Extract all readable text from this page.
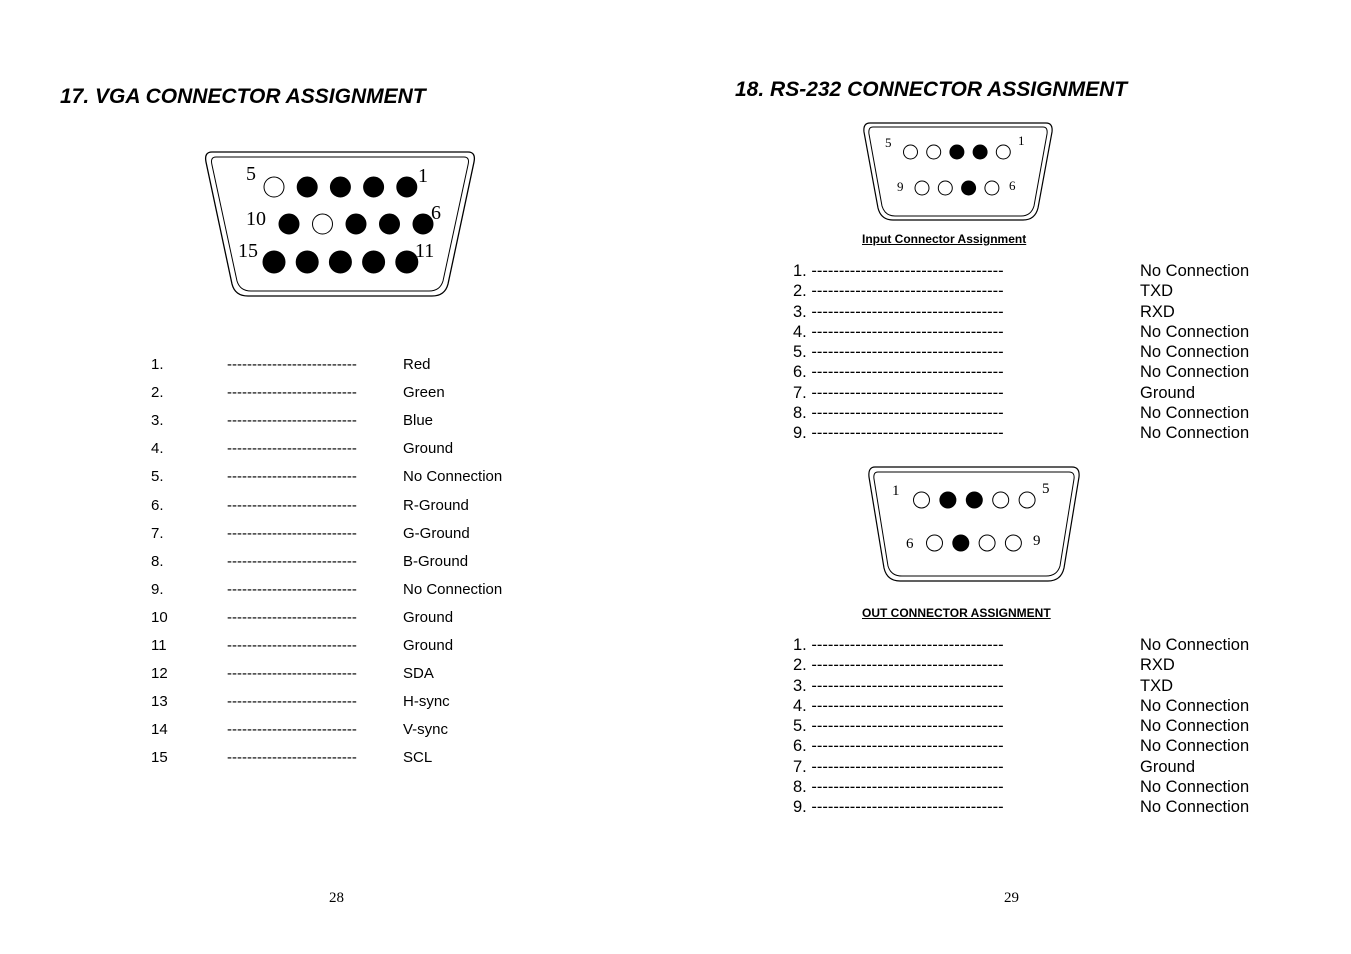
17. VGA CONNECTOR ASSIGNMENT
5	1
10	6
15	11
1.	--------------------------	Red
2.	--------------------------	Green
3.	--------------------------	Blue
4.	--------------------------	Ground
5.	--------------------------	No Connection
6.	--------------------------	R-Ground
7.	--------------------------	G-Ground
8.	--------------------------	B-Ground
9.	--------------------------	No Connection
10	--------------------------	Ground
11	--------------------------	Ground
12	--------------------------	SDA
13	--------------------------	H-sync
14	--------------------------	V-sync
15	--------------------------	SCL
28
18. RS-232 CONNECTOR ASSIGNMENT
5	1
9	6
Input Connector Assignment
1. -----------------------------------	No Connection
2. -----------------------------------	TXD
3. -----------------------------------	RXD
4. -----------------------------------	No Connection
5. -----------------------------------	No Connection
6. -----------------------------------	No Connection
7. -----------------------------------	Ground
8. -----------------------------------	No Connection
9. -----------------------------------	No Connection
1	5
6	9
OUT CONNECTOR ASSIGNMENT
1. -----------------------------------	No Connection
2. -----------------------------------	RXD
3. -----------------------------------	TXD
4. -----------------------------------	No Connection
5. -----------------------------------	No Connection
6. -----------------------------------	No Connection
7. -----------------------------------	Ground
8. -----------------------------------	No Connection
9. -----------------------------------	No Connection
29
